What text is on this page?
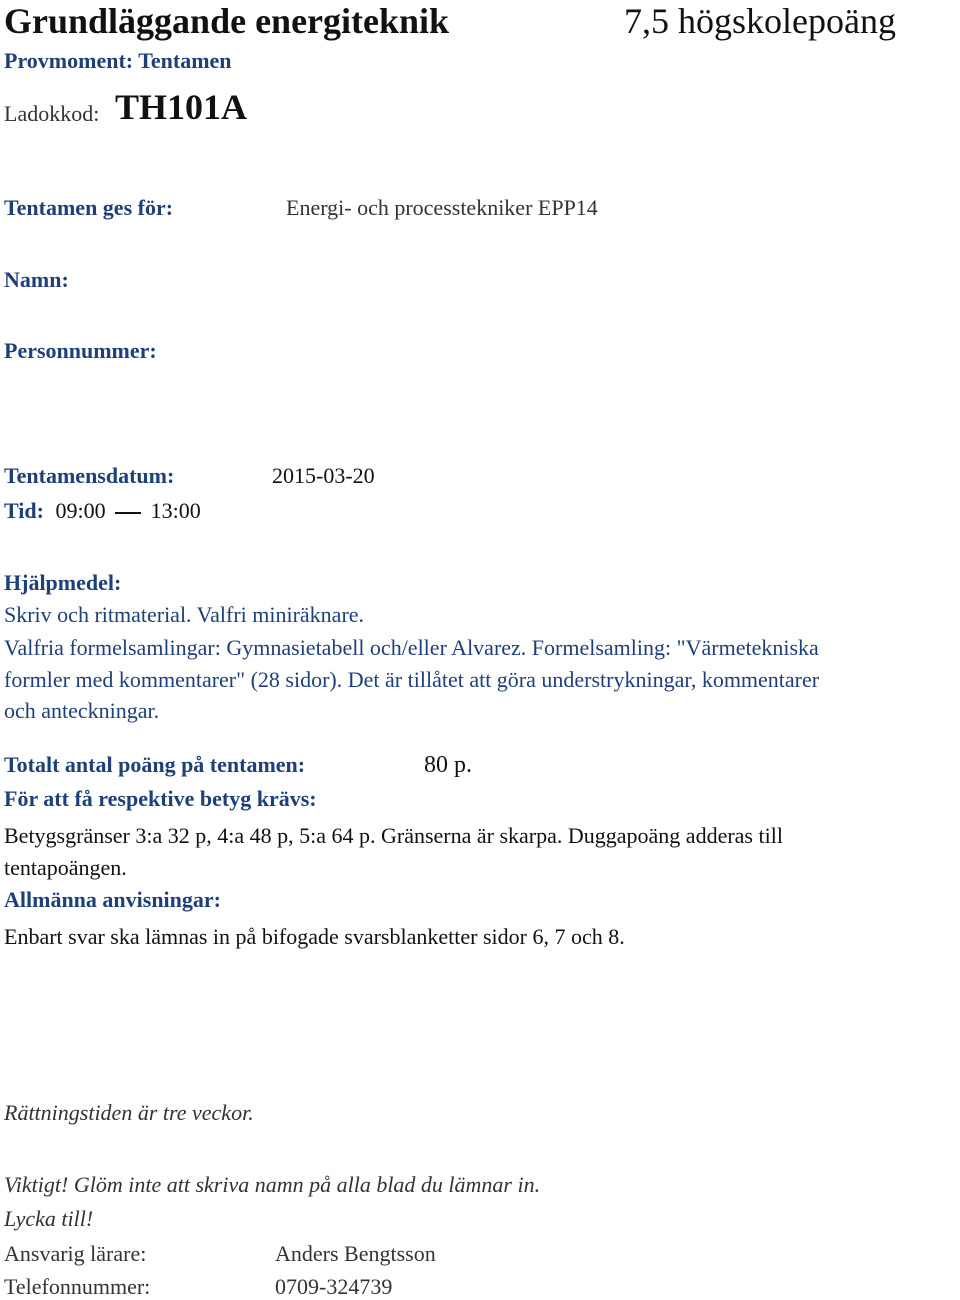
Grundläggande energiteknik	7,5 högskolepoäng
Provmoment: Tentamen
Ladokkod: TH101A
Tentamen ges för:	Energi- och processtekniker EPP14
Namn:
Personnummer:
Tentamensdatum:	2015-03-20
Tid: 09:00 13:00
Hjälpmedel:
Skriv och ritmaterial. Valfri miniräknare.
Valfria formelsamlingar: Gymnasietabell och/eller Alvarez. Formelsamling: "Värmetekniska
formler med kommentarer" (28 sidor). Det är tillåtet att göra understrykningar, kommentarer
och anteckningar.
Totalt antal poäng på tentamen:	80 p.
För att få respektive betyg krävs:
Betygsgränser 3:a 32 p, 4:a 48 p, 5:a 64 p. Gränserna är skarpa. Duggapoäng adderas till
tentapoängen.
Allmänna anvisningar:
Enbart svar ska lämnas in på bifogade svarsblanketter sidor 6, 7 och 8.
Rättningstiden är tre veckor.
Viktigt! Glöm inte att skriva namn på alla blad du lämnar in.
Lycka till!
Ansvarig lärare:	Anders Bengtsson
Telefonnummer:	0709-324739
